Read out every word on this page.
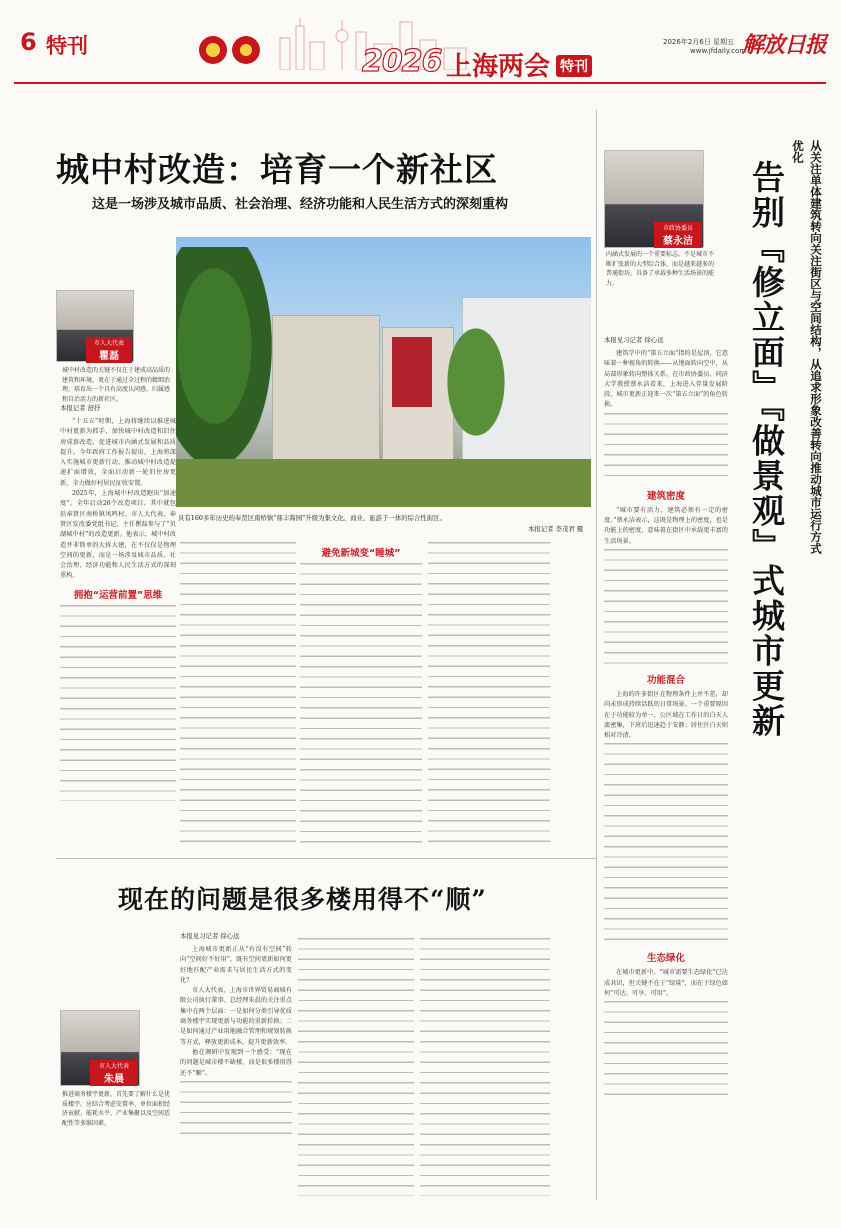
6 特刊	2026 上海两会 特刊
2026年2月6日 星期五
www.jfdaily.com
解放日报
城中村改造：培育一个新社区
这是一场涉及城市品质、社会治理、经济功能和人民生活方式的深刻重构
市人大代表
瞿磊
城中村改造的关键不仅在于建成高品质的建筑和环境，更在于通过全过程的精细治理，培育出一个具有高度认同感、归属感和自治活力的新社区。
具有160多年历史的奉贤区南桥镇“鼎丰酱园”升级为集文化、商业、旅游于一体的综合性街区。
本报记者 李茂君 摄
本报记者 舒抒

“十五五”时期，上海将继续以推进城中村更新为抓手，加快城中村改造和旧住房成套改造，促进城市内涵式发展和品质提升。今年政府工作报告提出，上海将深入实施城市更新行动，推动城中村改造提速扩面增效，全面启动新一轮旧住房更新，全力做好村居民征收安置。

2025年，上海城中村改造跑出“加速度”，全年启动26个改造项目。其中就包括奉贤区南桥镇凤鸣村、市人大代表、奉贤区发改委党组书记、主任瞿磊参与了“贝湖城中村”的改造更新。他表示，城中村改造并非简单的大拆大建，在不仅仅是物理空间的更新，而是一场涉及城市品质、社会治理、经济功能和人民生活方式的深刻重构。

拥抱“运营前置”思维
避免新城变“睡城”
现在的问题是很多楼用得不“顺”
市人大代表
朱晨
推进商务楼宇更新，首先要了解什么是优质楼宇。应结合考虑安置率、单位面积经济贡献、能耗水平、产业集聚以及空间适配性等多维因素。
本报见习记者 徐心远

上海城市更新正从“有没有空间”转向“空间好不好用”，既有空间更新如何更好地匹配产业需求与居民生活方式的变化？

市人大代表，上海市世界贸易商城有限公司执行董事、总经理朱晨的关注重点集中在两个层面：一是如何分类引导优质商务楼宇实现更新与功能的重新转换；二是如何通过产业用地融合管理和规划转换等方式，释放更新成本，提升更新效率。

他在调研中发现到一个感受：“现在的问题是城市楼不缺楼，而是很多楼用得还不“顺”。

告别『修立面』『做景观』式城市更新	从关注单体建筑转向关注街区与空间结构，从追求形象改善转向推动城市运行方式优化
市政协委员
蔡永洁
内涵式发展的一个重要标志，不是城市不断扩张新的大型综合体，而是越来越多的普通街坊，具备了承载多种生活场景的能力。
本报见习记者 徐心远

建筑学中的“第五立面”指的是屋顶，它意味着一种视角的转换——从地面转向空中，从局部形象转向整体关系。在市政协委员、同济大学教授蔡永洁看来，上海进入存量发展阶段，城市更新正迎来一次“第五立面”的角色转换。

建筑密度

“城市要有活力，建筑必须有一定的密度。”蔡永洁表示，这既是物理上的密度，也是功能上的密度，意味着在街区中承载更丰富的生活场景。

功能混合

上海的许多街区在物理条件上并不差，却尚未形成持续活跃的日常场景。一个重要原因在于功能较为单一，公区域在工作日的白天人流密集，下班后迅速趋于安静；居住区白天则相对冷清。

生态绿化

在城市更新中，“城市需要生态绿化”已达成共识，但关键不在于“绿量”，而在于绿色如何“可达、可享、可用”。
